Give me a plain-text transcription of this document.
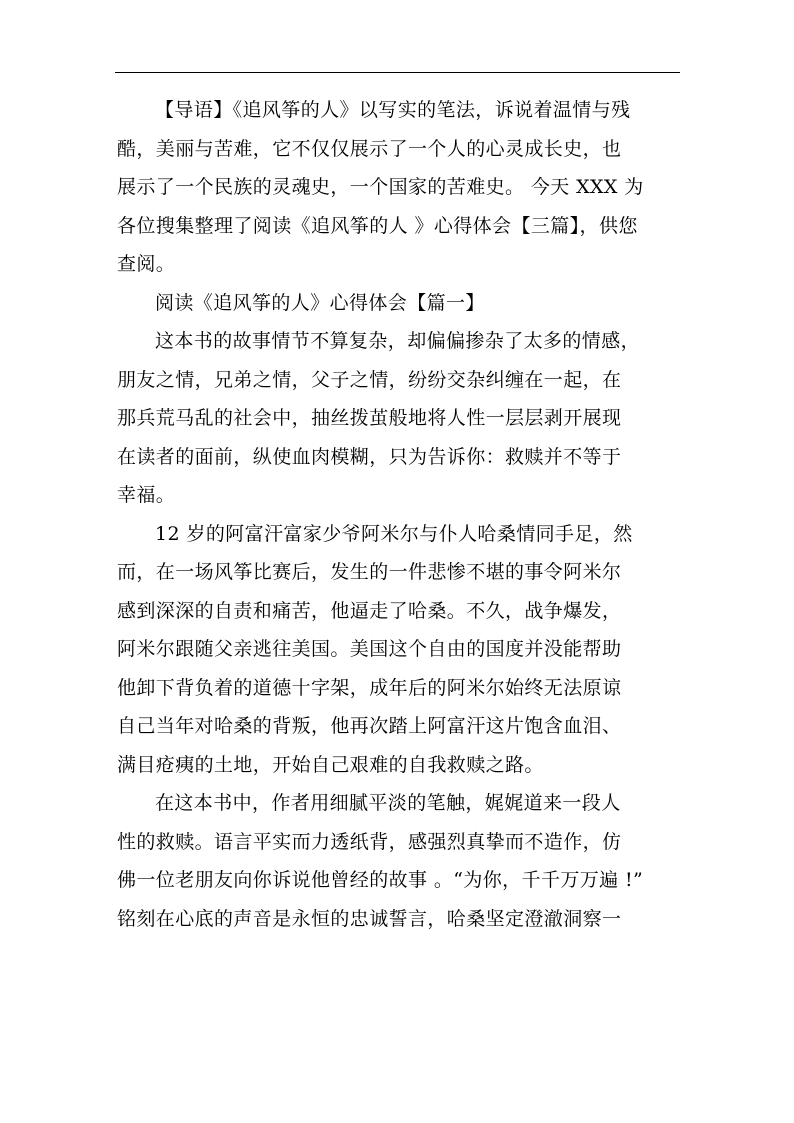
【导语】《追风筝的人》以写实的笔法，诉说着温情与残
酷，美丽与苦难，它不仅仅展示了一个人的心灵成长史，也
展示了一个民族的灵魂史，一个国家的苦难史。 今天 XXX 为
各位搜集整理了阅读《追风筝的人 》心得体会【三篇】，供您
查阅。
阅读《追风筝的人》心得体会【篇一】
这本书的故事情节不算复杂，却偏偏掺杂了太多的情感，
朋友之情，兄弟之情，父子之情，纷纷交杂纠缠在一起，在
那兵荒马乱的社会中，抽丝拨茧般地将人性一层层剥开展现
在读者的面前，纵使血肉模糊，只为告诉你：救赎并不等于
幸福。
12 岁的阿富汗富家少爷阿米尔与仆人哈桑情同手足，然
而，在一场风筝比赛后，发生的一件悲惨不堪的事令阿米尔
感到深深的自责和痛苦，他逼走了哈桑。不久，战争爆发，
阿米尔跟随父亲逃往美国。美国这个自由的国度并没能帮助
他卸下背负着的道德十字架，成年后的阿米尔始终无法原谅
自己当年对哈桑的背叛，他再次踏上阿富汗这片饱含血泪、
满目疮痍的土地，开始自己艰难的自我救赎之路。
在这本书中，作者用细腻平淡的笔触，娓娓道来一段人
性的救赎。语言平实而力透纸背，感强烈真挚而不造作，仿
佛一位老朋友向你诉说他曾经的故事 。“为你，千千万万遍 !”
铭刻在心底的声音是永恒的忠诚誓言，哈桑坚定澄澈洞察一
